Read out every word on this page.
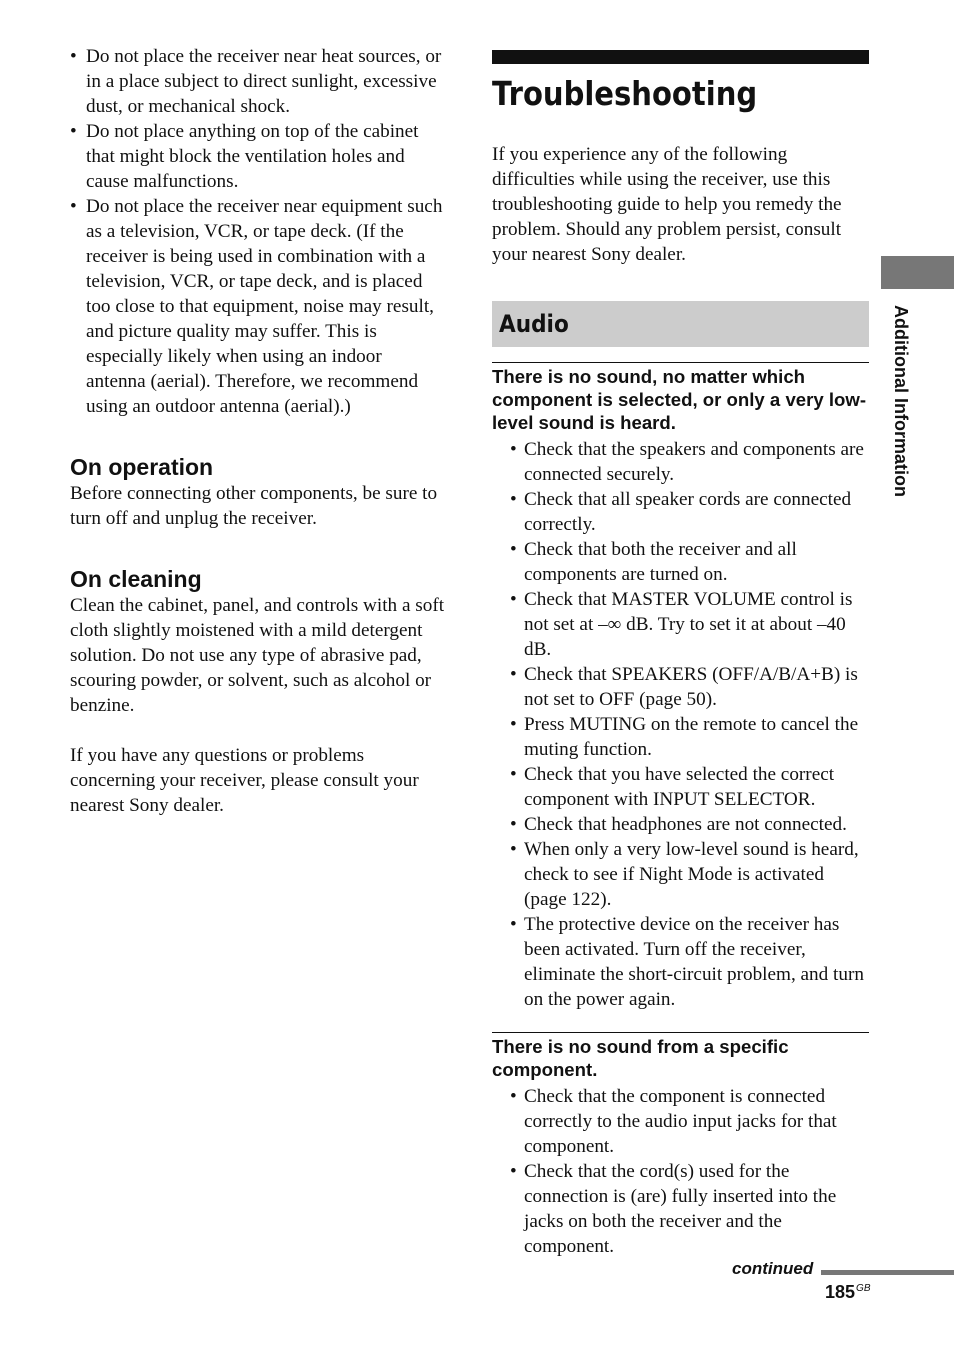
• Do not place the receiver near heat sources, or in a place subject to direct sunlight, excessive dust, or mechanical shock.
• Do not place anything on top of the cabinet that might block the ventilation holes and cause malfunctions.
• Do not place the receiver near equipment such as a television, VCR, or tape deck. (If the receiver is being used in combination with a television, VCR, or tape deck, and is placed too close to that equipment, noise may result, and picture quality may suffer. This is especially likely when using an indoor antenna (aerial). Therefore, we recommend using an outdoor antenna (aerial).)
On operation

Before connecting other components, be sure to turn off and unplug the receiver.

On cleaning

Clean the cabinet, panel, and controls with a soft cloth slightly moistened with a mild detergent solution. Do not use any type of abrasive pad, scouring powder, or solvent, such as alcohol or benzine.

If you have any questions or problems concerning your receiver, please consult your nearest Sony dealer.

Troubleshooting

If you experience any of the following difficulties while using the receiver, use this troubleshooting guide to help you remedy the problem. Should any problem persist, consult your nearest Sony dealer.

Audio

There is no sound, no matter which component is selected, or only a very low-level sound is heard.

• Check that the speakers and components are connected securely.
• Check that all speaker cords are connected correctly.
• Check that both the receiver and all components are turned on.
• Check that MASTER VOLUME control is not set at –∞ dB. Try to set it at about –40 dB.
• Check that SPEAKERS (OFF/A/B/A+B) is not set to OFF (page 50).
• Press MUTING on the remote to cancel the muting function.
• Check that you have selected the correct component with INPUT SELECTOR.
• Check that headphones are not connected.
• When only a very low-level sound is heard, check to see if Night Mode is activated (page 122).
• The protective device on the receiver has been activated. Turn off the receiver, eliminate the short-circuit problem, and turn on the power again.

There is no sound from a specific component.

• Check that the component is connected correctly to the audio input jacks for that component.
• Check that the cord(s) used for the connection is (are) fully inserted into the jacks on both the receiver and the component.
Additional Information
continued
$185^{GB}$
